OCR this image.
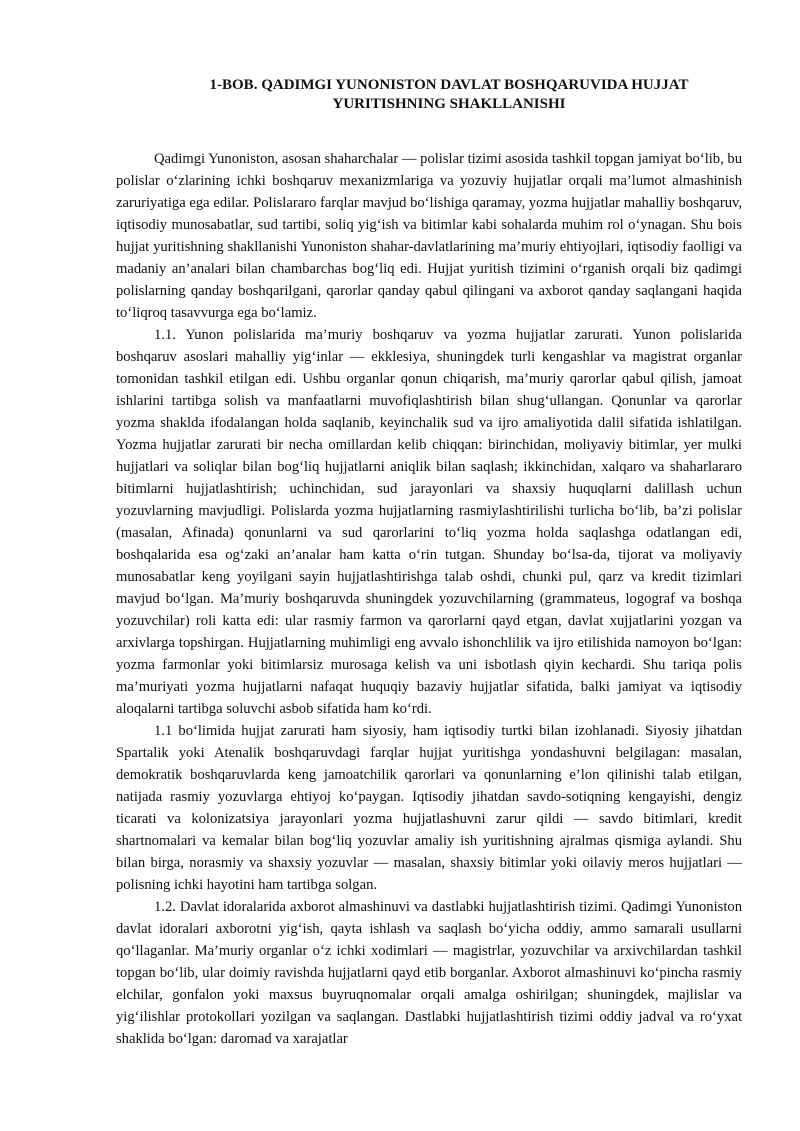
1-BOB. QADIMGI YUNONISTON DAVLAT BOSHQARUVIDA HUJJAT
YURITISHNING SHAKLLANISHI

Qadimgi Yunoniston, asosan shaharchalar — polislar tizimi asosida tashkil topgan jamiyat bo‘lib, bu polislar o‘zlarining ichki boshqaruv mexanizmlariga va yozuviy hujjatlar orqali ma’lumot almashinish zaruriyatiga ega edilar. Polislararo farqlar mavjud bo‘lishiga qaramay, yozma hujjatlar mahalliy boshqaruv, iqtisodiy munosabatlar, sud tartibi, soliq yig‘ish va bitimlar kabi sohalarda muhim rol o‘ynagan. Shu bois hujjat yuritishning shakllanishi Yunoniston shahar-davlatlarining ma’muriy ehtiyojlari, iqtisodiy faolligi va madaniy an’analari bilan chambarchas bog‘liq edi. Hujjat yuritish tizimini o‘rganish orqali biz qadimgi polislarning qanday boshqarilgani, qarorlar qanday qabul qilingani va axborot qanday saqlangani haqida to‘liqroq tasavvurga ega bo‘lamiz.

1.1. Yunon polislarida ma’muriy boshqaruv va yozma hujjatlar zarurati. Yunon polislarida boshqaruv asoslari mahalliy yig‘inlar — ekklesiya, shuningdek turli kengashlar va magistrat organlar tomonidan tashkil etilgan edi. Ushbu organlar qonun chiqarish, ma’muriy qarorlar qabul qilish, jamoat ishlarini tartibga solish va manfaatlarni muvofiqlashtirish bilan shug‘ullangan. Qonunlar va qarorlar yozma shaklda ifodalangan holda saqlanib, keyinchalik sud va ijro amaliyotida dalil sifatida ishlatilgan. Yozma hujjatlar zarurati bir necha omillardan kelib chiqqan: birinchidan, moliyaviy bitimlar, yer mulki hujjatlari va soliqlar bilan bog‘liq hujjatlarni aniqlik bilan saqlash; ikkinchidan, xalqaro va shaharlararo bitimlarni hujjatlashtirish; uchinchidan, sud jarayonlari va shaxsiy huquqlarni dalillash uchun yozuvlarning mavjudligi. Polislarda yozma hujjatlarning rasmiylashtirilishi turlicha bo‘lib, ba’zi polislar (masalan, Afinada) qonunlarni va sud qarorlarini to‘liq yozma holda saqlashga odatlangan edi, boshqalarida esa og‘zaki an’analar ham katta o‘rin tutgan. Shunday bo‘lsa-da, tijorat va moliyaviy munosabatlar keng yoyilgani sayin hujjatlashtirishga talab oshdi, chunki pul, qarz va kredit tizimlari mavjud bo‘lgan. Ma’muriy boshqaruvda shuningdek yozuvchilarning (grammateus, logograf va boshqa yozuvchilar) roli katta edi: ular rasmiy farmon va qarorlarni qayd etgan, davlat xujjatlarini yozgan va arxivlarga topshirgan. Hujjatlarning muhimligi eng avvalo ishonchlilik va ijro etilishida namoyon bo‘lgan: yozma farmonlar yoki bitimlarsiz murosaga kelish va uni isbotlash qiyin kechardi. Shu tariqa polis ma’muriyati yozma hujjatlarni nafaqat huquqiy bazaviy hujjatlar sifatida, balki jamiyat va iqtisodiy aloqalarni tartibga soluvchi asbob sifatida ham ko‘rdi.

1.1 bo‘limida hujjat zarurati ham siyosiy, ham iqtisodiy turtki bilan izohlanadi. Siyosiy jihatdan Spartalik yoki Atenalik boshqaruvdagi farqlar hujjat yuritishga yondashuvni belgilagan: masalan, demokratik boshqaruvlarda keng jamoatchilik qarorlari va qonunlarning e’lon qilinishi talab etilgan, natijada rasmiy yozuvlarga ehtiyoj ko‘paygan. Iqtisodiy jihatdan savdo-sotiqning kengayishi, dengiz ticarati va kolonizatsiya jarayonlari yozma hujjatlashuvni zarur qildi — savdo bitimlari, kredit shartnomalari va kemalar bilan bog‘liq yozuvlar amaliy ish yuritishning ajralmas qismiga aylandi. Shu bilan birga, norasmiy va shaxsiy yozuvlar — masalan, shaxsiy bitimlar yoki oilaviy meros hujjatlari — polisning ichki hayotini ham tartibga solgan.

1.2. Davlat idoralarida axborot almashinuvi va dastlabki hujjatlashtirish tizimi. Qadimgi Yunoniston davlat idoralari axborotni yig‘ish, qayta ishlash va saqlash bo‘yicha oddiy, ammo samarali usullarni qo‘llaganlar. Ma’muriy organlar o‘z ichki xodimlari — magistrlar, yozuvchilar va arxivchilardan tashkil topgan bo‘lib, ular doimiy ravishda hujjatlarni qayd etib borganlar. Axborot almashinuvi ko‘pincha rasmiy elchilar, gonfalon yoki maxsus buyruqnomalar orqali amalga oshirilgan; shuningdek, majlislar va yig‘ilishlar protokollari yozilgan va saqlangan. Dastlabki hujjatlashtirish tizimi oddiy jadval va ro‘yxat shaklida bo‘lgan: daromad va xarajatlar
